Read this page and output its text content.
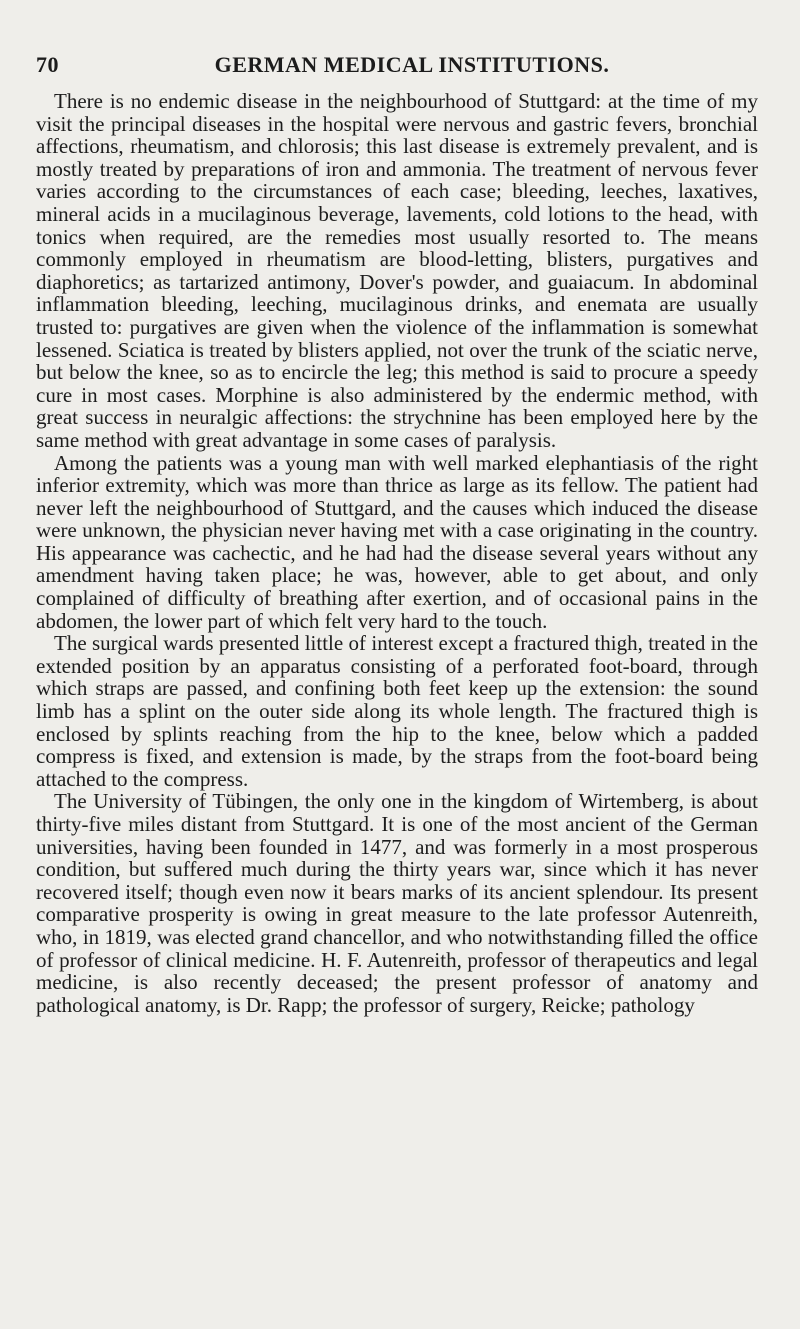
70	GERMAN MEDICAL INSTITUTIONS.

There is no endemic disease in the neighbourhood of Stuttgard: at the time of my visit the principal diseases in the hospital were nervous and gastric fevers, bronchial affections, rheumatism, and chlorosis; this last disease is extremely prevalent, and is mostly treated by preparations of iron and ammonia. The treatment of nervous fever varies according to the circumstances of each case; bleeding, leeches, laxatives, mineral acids in a mucilaginous beverage, lavements, cold lotions to the head, with tonics when required, are the remedies most usually resorted to. The means commonly employed in rheumatism are blood-letting, blisters, purgatives and diaphoretics; as tartarized antimony, Dover's powder, and guaiacum. In abdominal inflammation bleeding, leeching, mucilaginous drinks, and enemata are usually trusted to: purgatives are given when the violence of the inflammation is somewhat lessened. Sciatica is treated by blisters applied, not over the trunk of the sciatic nerve, but below the knee, so as to encircle the leg; this method is said to procure a speedy cure in most cases. Morphine is also administered by the endermic method, with great success in neuralgic affections: the strychnine has been employed here by the same method with great advantage in some cases of paralysis.

Among the patients was a young man with well marked elephantiasis of the right inferior extremity, which was more than thrice as large as its fellow. The patient had never left the neighbourhood of Stuttgard, and the causes which induced the disease were unknown, the physician never having met with a case originating in the country. His appearance was cachectic, and he had had the disease several years without any amendment having taken place; he was, however, able to get about, and only complained of difficulty of breathing after exertion, and of occasional pains in the abdomen, the lower part of which felt very hard to the touch.

The surgical wards presented little of interest except a fractured thigh, treated in the extended position by an apparatus consisting of a perforated foot-board, through which straps are passed, and confining both feet keep up the extension: the sound limb has a splint on the outer side along its whole length. The fractured thigh is enclosed by splints reaching from the hip to the knee, below which a padded compress is fixed, and extension is made, by the straps from the foot-board being attached to the compress.

The University of Tübingen, the only one in the kingdom of Wirtemberg, is about thirty-five miles distant from Stuttgard. It is one of the most ancient of the German universities, having been founded in 1477, and was formerly in a most prosperous condition, but suffered much during the thirty years war, since which it has never recovered itself; though even now it bears marks of its ancient splendour. Its present comparative prosperity is owing in great measure to the late professor Autenreith, who, in 1819, was elected grand chancellor, and who notwithstanding filled the office of professor of clinical medicine. H. F. Autenreith, professor of therapeutics and legal medicine, is also recently deceased; the present professor of anatomy and pathological anatomy, is Dr. Rapp; the professor of surgery, Reicke; pathology
